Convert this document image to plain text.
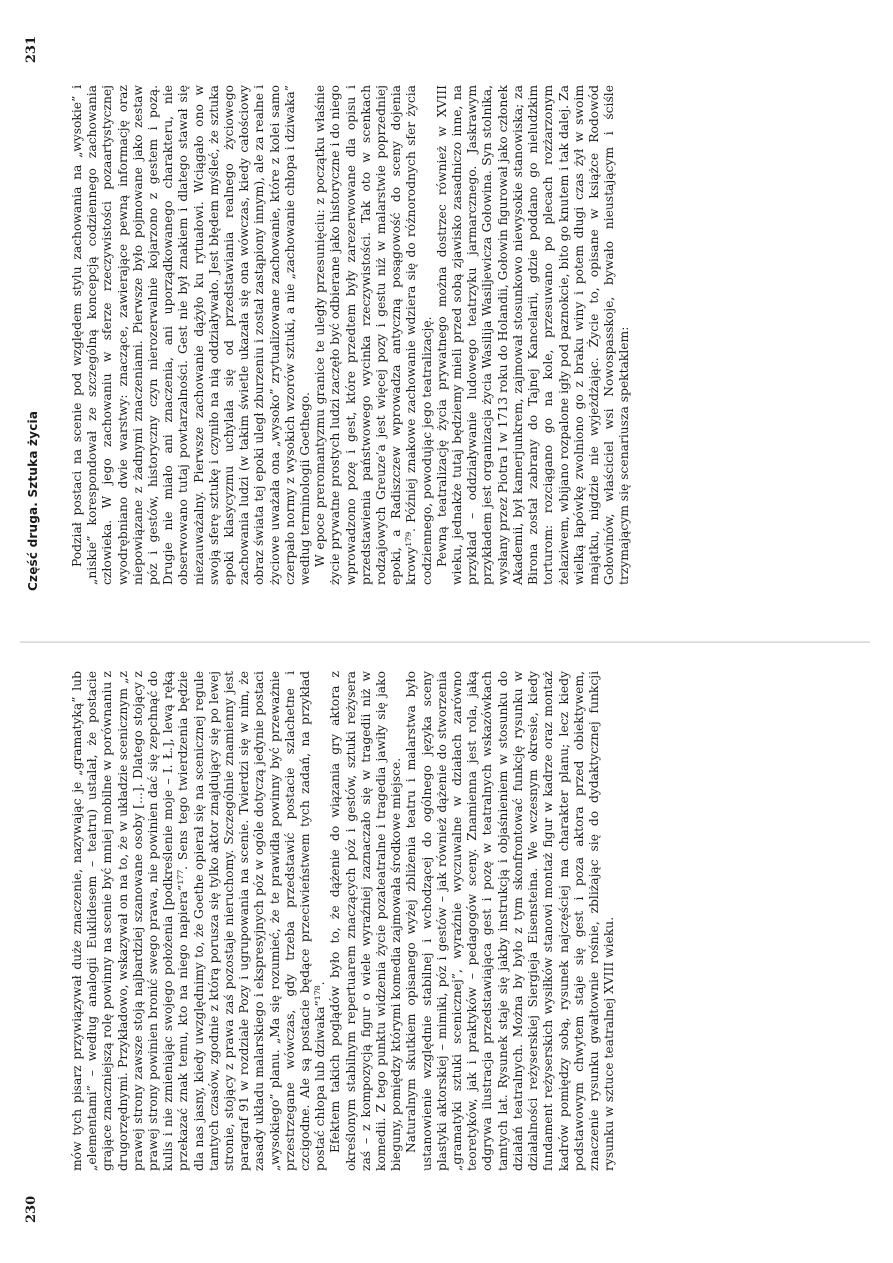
230

mów tych pisarz przywiązywał duże znaczenie, nazywając je „gramatyką” lub „elementami” – według analogii Euklidesem – teatru) ustalał, że postacie grające znaczniejszą rolę powinny na scenie być mniej mobilne w porównaniu z drugorzędnymi. Przykładowo, wskazywał on na to, że w układzie scenicznym „z prawej strony zawsze stoją najbardziej szanowane osoby [...]. Dlatego stojący z prawej strony powinien bronić swego prawa, nie powinien dać się zepchnąć do kulis i nie zmieniając swojego położenia [podkreślenie moje – I. Ł.], lewą ręką przekazać znak temu, kto na niego napiera”¹⁷⁷. Sens tego twierdzenia będzie dla nas jasny, kiedy uwzględnimy to, że Goethe opierał się na scenicznej regule tamtych czasów, zgodnie z którą porusza się tylko aktor znajdujący się po lewej stronie, stojący z prawa zaś pozostaje nieruchomy. Szczególnie znamienny jest paragraf 91 w rozdziale Pozy i ugrupowania na scenie. Twierdzi się w nim, że zasady układu malarskiego i ekspresyjnych póz w ogóle dotyczą jedynie postaci „wysokiego” planu. „Ma się rozumieć, że te prawidła powinny być przeważnie przestrzegane wówczas, gdy trzeba przedstawić postacie szlachetne i czcigodne. Ale są postacie będące przeciwieństwem tych zadań, na przykład postać chłopa lub dziwaka”¹⁷⁸. Efektem takich poglądów było to, że dążenie do wiązania gry aktora z określonym stabilnym repertuarem znaczących póz i gestów, sztuki reżysera zaś – z kompozycją figur o wiele wyraźniej zaznaczało się w tragedii niż w komedii. Z tego punktu widzenia życie pozateatralne i tragedia jawiły się jako bieguny, pomiędzy którymi komedia zajmowała środkowe miejsce. Naturalnym skutkiem opisanego wyżej zbliżenia teatru i malarstwa było ustanowienie względnie stabilnej i wchodzącej do ogólnego języka sceny plastyki aktorskiej – mimiki, póz i gestów – jak również dążenie do stworzenia „gramatyki sztuki scenicznej”, wyraźnie wyczuwalne w działach zarówno teoretyków, jak i praktyków – pedagogów sceny. Znamienna jest rola, jaką odgrywa ilustracja przedstawiająca gest i pozę w teatralnych wskazówkach tamtych lat. Rysunek staje się jakby instrukcją i objaśnieniem w stosunku do działań teatralnych. Można by było z tym skonfrontować funkcję rysunku w działalności reżyserskiej Siergieja Eisensteina. We wczesnym okresie, kiedy fundament reżyserskich wysiłków stanowi montaż figur w kadrze oraz montaż kadrów pomiędzy sobą, rysunek najczęściej ma charakter planu; lecz kiedy podstawowym chwytem staje się gest i poza aktora przed obiektywem, znaczenie rysunku gwałtownie rośnie, zbliżając się do dydaktycznej funkcji rysunku w sztuce teatralnej XVIII wieku.

Część druga. Sztuka życia
231

Podział postaci na scenie pod względem stylu zachowania na „wysokie” i „niskie” korespondował ze szczególną koncepcją codziennego zachowania człowieka. W jego zachowaniu w sferze rzeczywistości pozaartystycznej wyodrębniano dwie warstwy: znaczące, zawierające pewną informację oraz niepowiązane z żadnymi znaczeniami. Pierwsze było pojmowane jako zestaw póz i gestów, historyczny czyn nierozerwalnie kojarzono z gestem i pozą. Drugie nie miało ani znaczenia, ani uporządkowanego charakteru, nie obserwowano tutaj powtarzalności. Gest nie był znakiem i dlatego stawał się niezauważalny. Pierwsze zachowanie dążyło ku rytuałowi. Wciągało ono w swoją sferę sztukę i czyniło na nią oddziaływało. Jest błędem myśleć, że sztuka epoki klasycyzmu uchylała się od przedstawiania realnego życiowego zachowania ludzi (w takim świetle ukazała się ona wówczas, kiedy całościowy obraz świata tej epoki uległ zburzeniu i został zastąpiony innym), ale za realne i życiowe uważała ona „wysoko” zrytualizowane zachowanie, które z kolei samo czerpało normy z wysokich wzorów sztuki, a nie „zachowanie chłopa i dziwaka” według terminologii Goethego. W epoce preromantyzmu granice te uległy przesunięciu: z początku właśnie życie prywatne prostych ludzi zaczęło być odbierane jako historyczne i do niego wprowadzono pozę i gest, które przedtem były zarezerwowane dla opisu i przedstawienia państwowego wycinka rzeczywistości. Tak oto w scenkach rodzajowych Greuze’a jest więcej pozy i gestu niż w malarstwie poprzedniej epoki, a Radiszczew wprowadza antyczną posągowość do sceny dojenia krowy¹⁷⁹. Później znakowe zachowanie wdziera się do różnorodnych sfer życia codziennego, powodując jego teatralizację. Pewną teatralizację życia prywatnego można dostrzec również w XVIII wieku, jednakże tutaj będziemy mieli przed sobą zjawisko zasadniczo inne, na przykład – oddziaływanie ludowego teatrzyku jarmarcznego. Jaskrawym przykładem jest organizacja życia Wasilija Wasiljewicza Gołowina. Syn stolnika, wysłany przez Piotra I w 1713 roku do Holandii, Gołowin figurował jako członek Akademii, był kamerjunkrem, zajmował stosunkowo niewysokie stanowiska; za Birona został zabrany do Tajnej Kancelarii, gdzie poddano go nieludzkim torturom: rozciągano go na kole, przesuwano po plecach rozżarzonym żelaziwem, wbijano rozpalone igły pod paznokcie, bito go knutem i tak dalej. Za wielką łapówkę zwolniono go z braku winy i potem długi czas żył w swoim majątku, nigdzie nie wyjeżdżając. Życie to, opisane w książce Rodowód Gołowinów, właściciel wsi Nowospasskoje, bywało nieustającym i ściśle trzymającym się scenariusza spektaklem:
